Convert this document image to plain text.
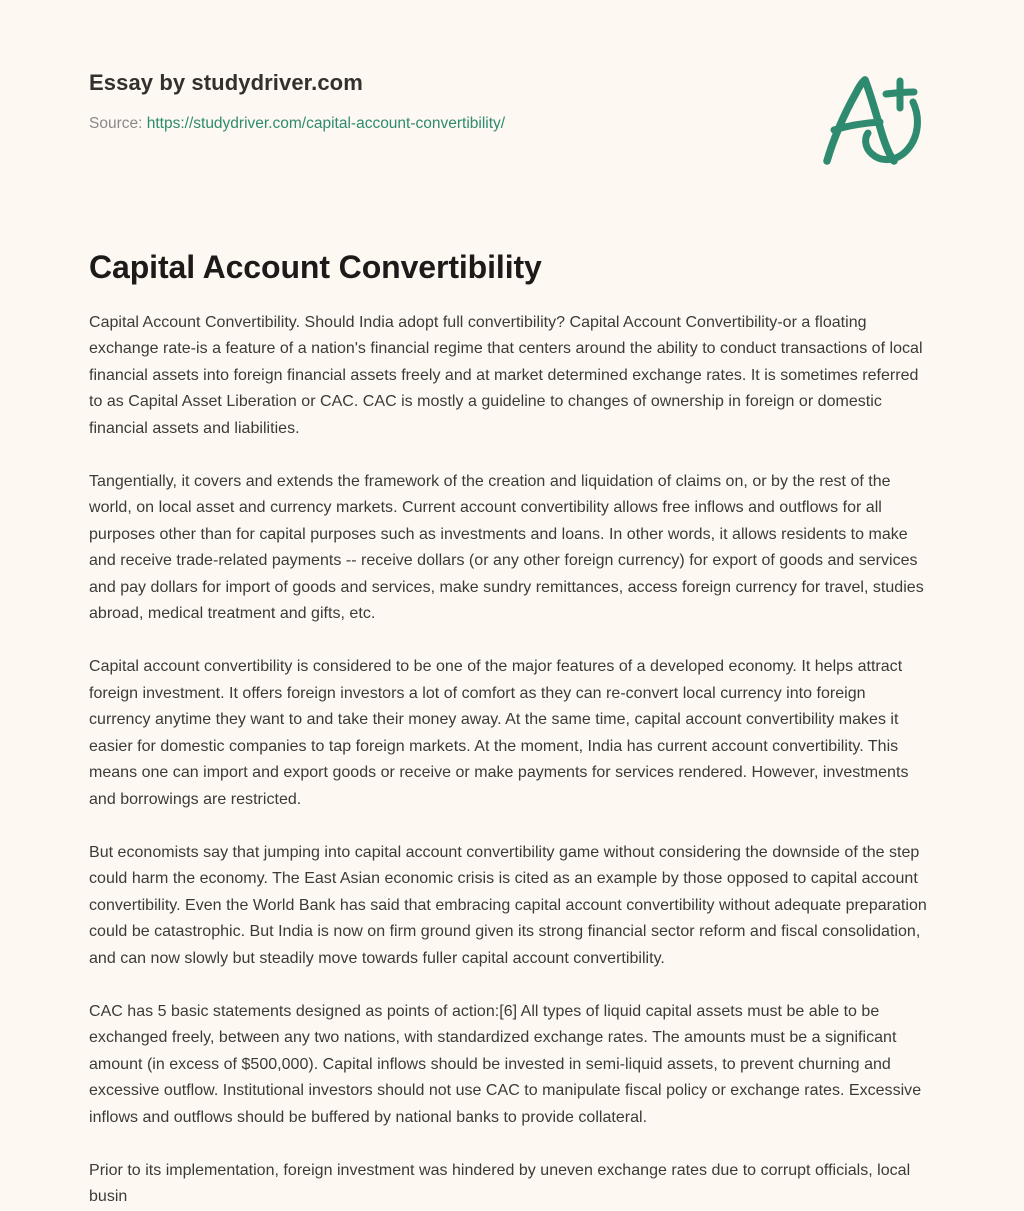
Essay by studydriver.com
Source: https://studydriver.com/capital-account-convertibility/
Capital Account Convertibility

Capital Account Convertibility. Should India adopt full convertibility? Capital Account Convertibility-or a floating exchange rate-is a feature of a nation's financial regime that centers around the ability to conduct transactions of local financial assets into foreign financial assets freely and at market determined exchange rates. It is sometimes referred to as Capital Asset Liberation or CAC. CAC is mostly a guideline to changes of ownership in foreign or domestic financial assets and liabilities.

Tangentially, it covers and extends the framework of the creation and liquidation of claims on, or by the rest of the world, on local asset and currency markets. Current account convertibility allows free inflows and outflows for all purposes other than for capital purposes such as investments and loans. In other words, it allows residents to make and receive trade-related payments -- receive dollars (or any other foreign currency) for export of goods and services and pay dollars for import of goods and services, make sundry remittances, access foreign currency for travel, studies abroad, medical treatment and gifts, etc.

Capital account convertibility is considered to be one of the major features of a developed economy. It helps attract foreign investment. It offers foreign investors a lot of comfort as they can re-convert local currency into foreign currency anytime they want to and take their money away. At the same time, capital account convertibility makes it easier for domestic companies to tap foreign markets. At the moment, India has current account convertibility. This means one can import and export goods or receive or make payments for services rendered. However, investments and borrowings are restricted.

But economists say that jumping into capital account convertibility game without considering the downside of the step could harm the economy. The East Asian economic crisis is cited as an example by those opposed to capital account convertibility. Even the World Bank has said that embracing capital account convertibility without adequate preparation could be catastrophic. But India is now on firm ground given its strong financial sector reform and fiscal consolidation, and can now slowly but steadily move towards fuller capital account convertibility.

CAC has 5 basic statements designed as points of action:[6] All types of liquid capital assets must be able to be exchanged freely, between any two nations, with standardized exchange rates. The amounts must be a significant amount (in excess of $500,000). Capital inflows should be invested in semi-liquid assets, to prevent churning and excessive outflow. Institutional investors should not use CAC to manipulate fiscal policy or exchange rates. Excessive inflows and outflows should be buffered by national banks to provide collateral.

Prior to its implementation, foreign investment was hindered by uneven exchange rates due to corrupt officials, local busin
